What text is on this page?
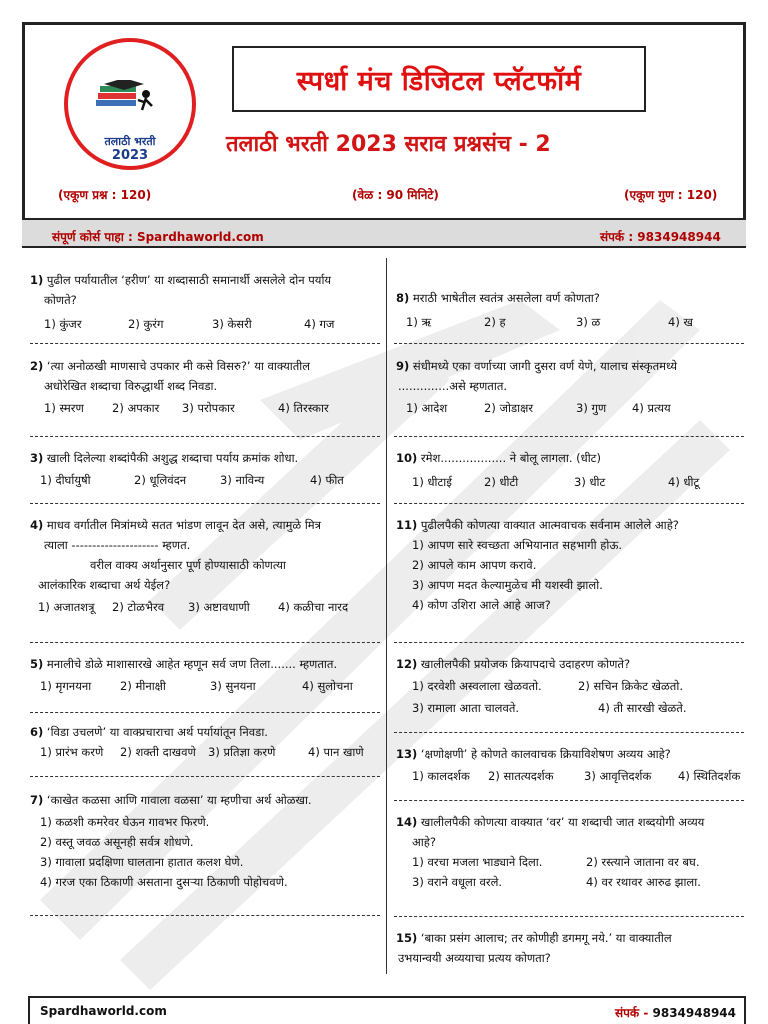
तलाठी भरती
2023
स्पर्धा मंच डिजिटल प्लॅटफॉर्म
तलाठी भरती 2023 सराव प्रश्नसंच - 2
(एकूण प्रश्न : 120)	(वेळ : 90 मिनिटे)	(एकूण गुण : 120)
संपूर्ण कोर्स पाहा : Spardhaworld.com	संपर्क : 9834948944
1) पुढील पर्यायातील ‘हरीण’ या शब्दासाठी समानार्थी असलेले दोन पर्याय
कोणते?
1) कुंजर	2) कुरंग	3) केसरी	4) गज
2) ‘त्या अनोळखी माणसाचे उपकार मी कसे विसरु?’ या वाक्यातील
अधोरेखित शब्दाचा विरुद्धार्थी शब्द निवडा.
1) स्मरण	2) अपकार	3) परोपकार	4) तिरस्कार
3) खाली दिलेल्या शब्दांपैकी अशुद्ध शब्दाचा पर्याय क्रमांक शोधा.
1) दीर्घायुषी	2) धूलिवंदन	3) नाविन्य	4) फीत
4) माधव वर्गातील मित्रांमध्ये सतत भांडण लावून देत असे, त्यामुळे मित्र
त्याला --------------------- म्हणत.
वरील वाक्य अर्थानुसार पूर्ण होण्यासाठी कोणत्या
आलंकारिक शब्दाचा अर्थ येईल?
1) अजातशत्रू	2) टोळभैरव	3) अष्टावधाणी	4) कळीचा नारद
5) मनालीचे डोळे माशासारखे आहेत म्हणून सर्व जण तिला....... म्हणतात.
1) मृगनयना	2) मीनाक्षी	3) सुनयना	4) सुलोचना
6) ‘विडा उचलणे’ या वाक्प्रचाराचा अर्थ पर्यायांतून निवडा.
1) प्रारंभ करणे	2) शक्ती दाखवणे	3) प्रतिज्ञा करणे	4) पान खाणे
7) ‘काखेत कळसा आणि गावाला वळसा’ या म्हणीचा अर्थ ओळखा.
1) कळशी कमरेवर घेऊन गावभर फिरणे.
2) वस्तू जवळ असूनही सर्वत्र शोधणे.
3) गावाला प्रदक्षिणा घालताना हातात कलश घेणे.
4) गरज एका ठिकाणी असताना दुसऱ्या ठिकाणी पोहोचवणे.
8) मराठी भाषेतील स्वतंत्र असलेला वर्ण कोणता?
1) ऋ	2) ह	3) ळ	4) ख
9) संधीमध्ये एका वर्णाच्या जागी दुसरा वर्ण येणे, यालाच संस्कृतमध्ये
..............असे म्हणतात.
1) आदेश	2) जोडाक्षर	3) गुण	4) प्रत्यय
10) रमेश.................. ने बोलू लागला. (धीट)
1) धीटाई	2) धीटी	3) धीट	4) धीटू
11) पुढीलपैकी कोणत्या वाक्यात आत्मवाचक सर्वनाम आलेले आहे?
1) आपण सारे स्वच्छता अभियानात सहभागी होऊ.
2) आपले काम आपण करावे.
3) आपण मदत केल्यामुळेच मी यशस्वी झालो.
4) कोण उशिरा आले आहे आज?
12) खालीलपैकी प्रयोजक क्रियापदाचे उदाहरण कोणते?
1) दरवेशी अस्वलाला खेळवतो.	2) सचिन क्रिकेट खेळतो.
3) रामाला आता चालवते.	4) ती सारखी खेळते.
13) ‘क्षणोक्षणी’ हे कोणते कालवाचक क्रियाविशेषण अव्यय आहे?
1) कालदर्शक	2) सातत्यदर्शक	3) आवृत्तिदर्शक	4) स्थितिदर्शक
14) खालीलपैकी कोणत्या वाक्यात ‘वर’ या शब्दाची जात शब्दयोगी अव्यय
आहे?
1) वरचा मजला भाड्याने दिला.	2) रस्त्याने जाताना वर बघ.
3) वराने वधूला वरले.	4) वर रथावर आरुढ झाला.
15) ‘बाका प्रसंग आलाच; तर कोणीही डगमगू नये.’ या वाक्यातील
उभयान्वयी अव्ययाचा प्रत्यय कोणता?
Spardhaworld.com	संपर्क - 9834948944
